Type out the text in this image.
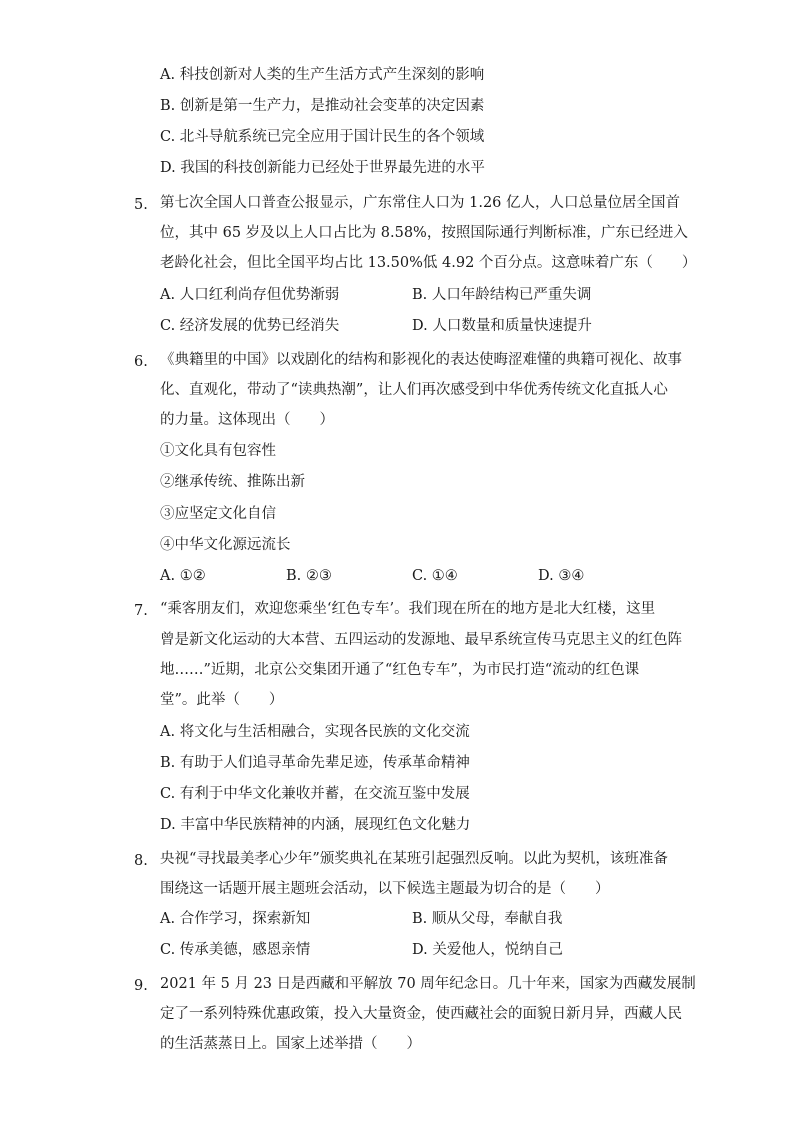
A. 科技创新对人类的生产生活方式产生深刻的影响
B. 创新是第一生产力，是推动社会变革的决定因素
C. 北斗导航系统已完全应用于国计民生的各个领域
D. 我国的科技创新能力已经处于世界最先进的水平
5. 第七次全国人口普查公报显示，广东常住人口为 1.26 亿人，人口总量位居全国首
位，其中 65 岁及以上人口占比为 8.58%，按照国际通行判断标准，广东已经进入
老龄化社会，但比全国平均占比 13.50%低 4.92 个百分点。这意味着广东（　　）
A. 人口红利尚存但优势渐弱	B. 人口年龄结构已严重失调
C. 经济发展的优势已经消失	D. 人口数量和质量快速提升
6. 《典籍里的中国》以戏剧化的结构和影视化的表达使晦涩难懂的典籍可视化、故事
化、直观化，带动了“读典热潮”，让人们再次感受到中华优秀传统文化直抵人心
的力量。这体现出（　　）
①文化具有包容性
②继承传统、推陈出新
③应坚定文化自信
④中华文化源远流长
A. ①②	B. ②③	C. ①④	D. ③④
7. “乘客朋友们，欢迎您乘坐‘红色专车’。我们现在所在的地方是北大红楼，这里
曾是新文化运动的大本营、五四运动的发源地、最早系统宣传马克思主义的红色阵
地……”近期，北京公交集团开通了“红色专车”，为市民打造“流动的红色课
堂”。此举（　　）
A. 将文化与生活相融合，实现各民族的文化交流
B. 有助于人们追寻革命先辈足迹，传承革命精神
C. 有利于中华文化兼收并蓄，在交流互鉴中发展
D. 丰富中华民族精神的内涵，展现红色文化魅力
8. 央视“寻找最美孝心少年”颁奖典礼在某班引起强烈反响。以此为契机，该班准备
围绕这一话题开展主题班会活动，以下候选主题最为切合的是（　　）
A. 合作学习，探索新知	B. 顺从父母，奉献自我
C. 传承美德，感恩亲情	D. 关爱他人，悦纳自己
9. 2021 年 5 月 23 日是西藏和平解放 70 周年纪念日。几十年来，国家为西藏发展制
定了一系列特殊优惠政策，投入大量资金，使西藏社会的面貌日新月异，西藏人民
的生活蒸蒸日上。国家上述举措（　　）
